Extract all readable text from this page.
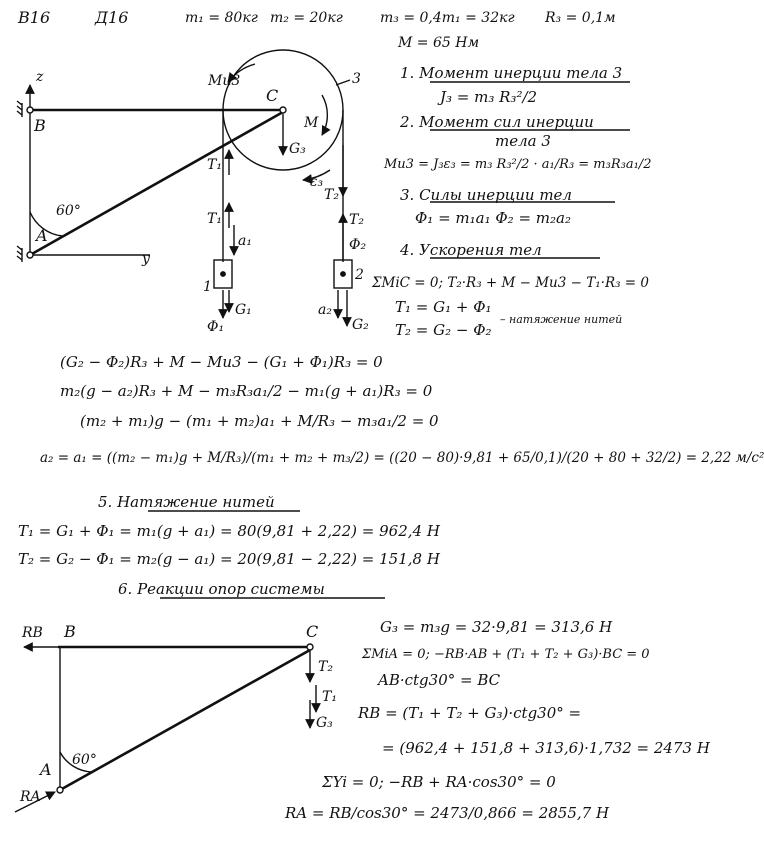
В16	Д16	m₁ = 80кг m₂ = 20кг	m₃ = 0,4m₁ = 32кг R₃ = 0,1м
M = 65 Нм
z
y
B
A
C
60°
Mи3
M
3
G₃
ε₃
T₁
T₁
a₁
1
G₁
Φ₁
T₂
T₂
Φ₂
2
a₂
G₂
1. Момент инерции тела 3
J₃ = m₃ R₃²/2
2. Момент сил инерции
тела 3
Mи3 = J₃ε₃ = m₃ R₃²/2 · a₁/R₃ = m₃R₃a₁/2
3. Силы инерции тел
Φ₁ = m₁a₁ Φ₂ = m₂a₂
4. Ускорения тел
ΣMiC = 0; T₂·R₃ + M − Mи3 − T₁·R₃ = 0
T₁ = G₁ + Φ₁
T₂ = G₂ − Φ₂
– натяжение нитей
(G₂ − Φ₂)R₃ + M − Mи3 − (G₁ + Φ₁)R₃ = 0
m₂(g − a₂)R₃ + M − m₃R₃a₁/2 − m₁(g + a₁)R₃ = 0
(m₂ + m₁)g − (m₁ + m₂)a₁ + M/R₃ − m₃a₁/2 = 0
a₂ = a₁ = ((m₂ − m₁)g + M/R₃)/(m₁ + m₂ + m₃/2) = ((20 − 80)·9,81 + 65/0,1)/(20 + 80 + 32/2) = 2,22 м/с²
5. Натяжение нитей
T₁ = G₁ + Φ₁ = m₁(g + a₁) = 80(9,81 + 2,22) = 962,4 Н
T₂ = G₂ − Φ₁ = m₂(g − a₁) = 20(9,81 − 2,22) = 151,8 Н
6. Реакции опор системы
G₃ = m₃g = 32·9,81 = 313,6 Н
ΣMiA = 0; −RB·AB + (T₁ + T₂ + G₃)·BC = 0
AB·ctg30° = BC
RB = (T₁ + T₂ + G₃)·ctg30° =
= (962,4 + 151,8 + 313,6)·1,732 = 2473 Н
ΣYi = 0; −RB + RA·cos30° = 0
RA = RB/cos30° = 2473/0,866 = 2855,7 Н
RB B	C
T₂
T₁
G₃
60°
A
RA
